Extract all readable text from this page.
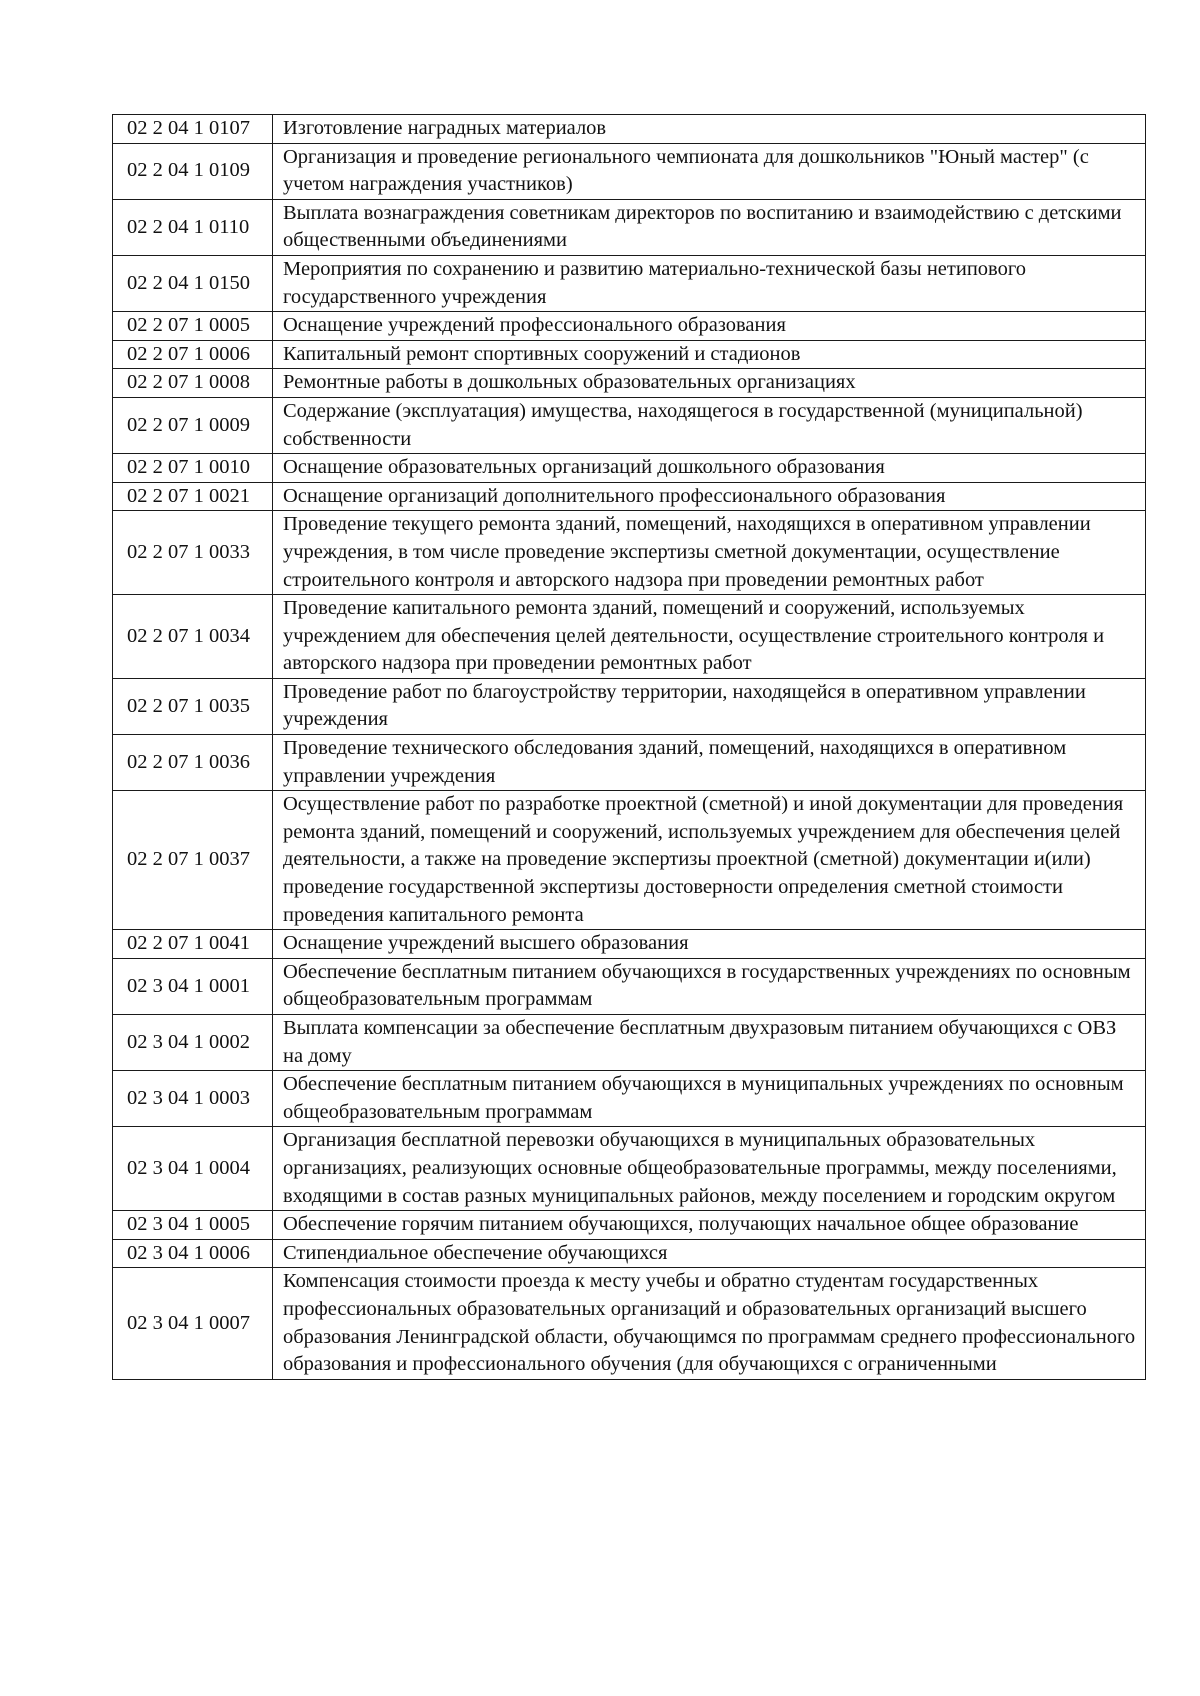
02 2 04 1 0107	Изготовление наградных материалов
02 2 04 1 0109	Организация и проведение регионального чемпионата для дошкольников "Юный мастер" (с учетом награждения участников)
02 2 04 1 0110	Выплата вознаграждения советникам директоров по воспитанию и взаимодействию с детскими общественными объединениями
02 2 04 1 0150	Мероприятия по сохранению и развитию материально-технической базы нетипового государственного учреждения
02 2 07 1 0005	Оснащение учреждений профессионального образования
02 2 07 1 0006	Капитальный ремонт спортивных сооружений и стадионов
02 2 07 1 0008	Ремонтные работы в дошкольных образовательных организациях
02 2 07 1 0009	Содержание (эксплуатация) имущества, находящегося в государственной (муниципальной) собственности
02 2 07 1 0010	Оснащение образовательных организаций дошкольного образования
02 2 07 1 0021	Оснащение организаций дополнительного профессионального образования
02 2 07 1 0033	Проведение текущего ремонта зданий, помещений, находящихся в оперативном управлении учреждения, в том числе проведение экспертизы сметной документации, осуществление строительного контроля и авторского надзора при проведении ремонтных работ
02 2 07 1 0034	Проведение капитального ремонта зданий, помещений и сооружений, используемых учреждением для обеспечения целей деятельности, осуществление строительного контроля и авторского надзора при проведении ремонтных работ
02 2 07 1 0035	Проведение работ по благоустройству территории, находящейся в оперативном управлении учреждения
02 2 07 1 0036	Проведение технического обследования зданий, помещений, находящихся в оперативном управлении учреждения
02 2 07 1 0037	Осуществление работ по разработке проектной (сметной) и иной документации для проведения ремонта зданий, помещений и сооружений, используемых учреждением для обеспечения целей деятельности, а также на проведение экспертизы проектной (сметной) документации и(или) проведение государственной экспертизы достоверности определения сметной стоимости проведения капитального ремонта
02 2 07 1 0041	Оснащение учреждений высшего образования
02 3 04 1 0001	Обеспечение бесплатным питанием обучающихся в государственных учреждениях по основным общеобразовательным программам
02 3 04 1 0002	Выплата компенсации за обеспечение бесплатным двухразовым питанием обучающихся с ОВЗ на дому
02 3 04 1 0003	Обеспечение бесплатным питанием обучающихся в муниципальных учреждениях по основным общеобразовательным программам
02 3 04 1 0004	Организация бесплатной перевозки обучающихся в муниципальных образовательных организациях, реализующих основные общеобразовательные программы, между поселениями, входящими в состав разных муниципальных районов, между поселением и городским округом
02 3 04 1 0005	Обеспечение горячим питанием обучающихся, получающих начальное общее образование
02 3 04 1 0006	Стипендиальное обеспечение обучающихся
02 3 04 1 0007	Компенсация стоимости проезда к месту учебы и обратно студентам государственных профессиональных образовательных организаций и образовательных организаций высшего образования Ленинградской области, обучающимся по программам среднего профессионального образования и профессионального обучения (для обучающихся с ограниченными
